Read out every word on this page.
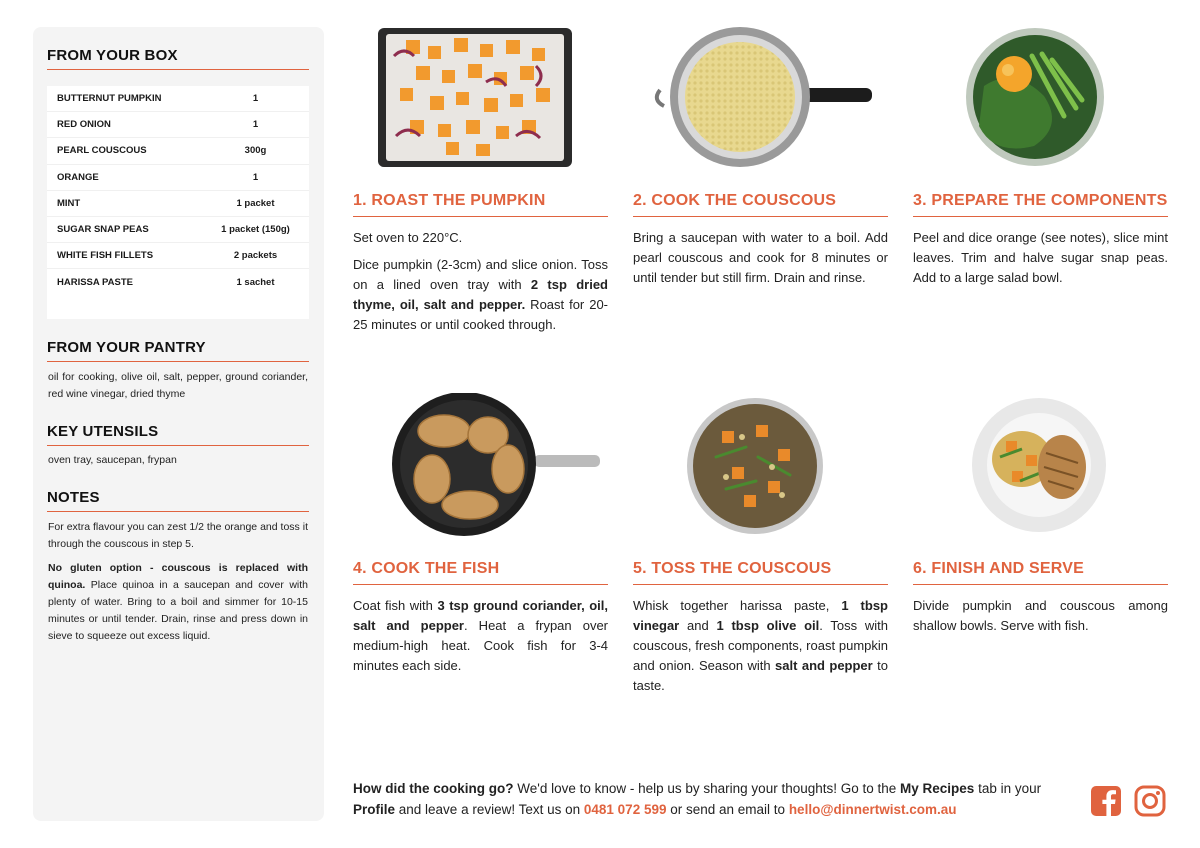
FROM YOUR BOX
BUTTERNUT PUMPKIN	1
RED ONION	1
PEARL COUSCOUS	300g
ORANGE	1
MINT	1 packet
SUGAR SNAP PEAS	1 packet (150g)
WHITE FISH FILLETS	2 packets
HARISSA PASTE	1 sachet
FROM YOUR PANTRY
oil for cooking, olive oil, salt, pepper, ground coriander, red wine vinegar, dried thyme
KEY UTENSILS
oven tray, saucepan, frypan
NOTES
For extra flavour you can zest 1/2 the orange and toss it through the couscous in step 5.
No gluten option - couscous is replaced with quinoa. Place quinoa in a saucepan and cover with plenty of water. Bring to a boil and simmer for 10-15 minutes or until tender. Drain, rinse and press down in sieve to squeeze out excess liquid.
1. ROAST THE PUMPKIN

Set oven to 220°C.

Dice pumpkin (2-3cm) and slice onion. Toss on a lined oven tray with 2 tsp dried thyme, oil, salt and pepper. Roast for 20-25 minutes or until cooked through.

2. COOK THE COUSCOUS

Bring a saucepan with water to a boil. Add pearl couscous and cook for 8 minutes or until tender but still firm. Drain and rinse.

3. PREPARE THE COMPONENTS

Peel and dice orange (see notes), slice mint leaves. Trim and halve sugar snap peas. Add to a large salad bowl.

4. COOK THE FISH

Coat fish with 3 tsp ground coriander, oil, salt and pepper. Heat a frypan over medium-high heat. Cook fish for 3-4 minutes each side.

5. TOSS THE COUSCOUS

Whisk together harissa paste, 1 tbsp vinegar and 1 tbsp olive oil. Toss with couscous, fresh components, roast pumpkin and onion. Season with salt and pepper to taste.

6. FINISH AND SERVE

Divide pumpkin and couscous among shallow bowls. Serve with fish.

How did the cooking go? We'd love to know - help us by sharing your thoughts! Go to the My Recipes tab in your Profile and leave a review! Text us on 0481 072 599 or send an email to hello@dinnertwist.com.au
